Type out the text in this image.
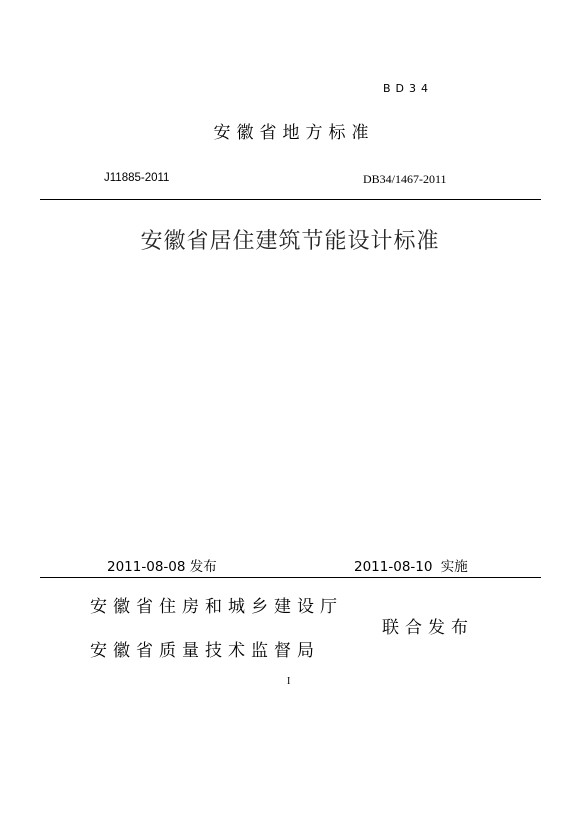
BD34
安徽省地方标准
J11885-2011	DB34/1467-2011
安徽省居住建筑节能设计标准
2011-08-08 发布	2011-08-10 实施
安徽省住房和城乡建设厅
联合发布
安徽省质量技术监督局
I
